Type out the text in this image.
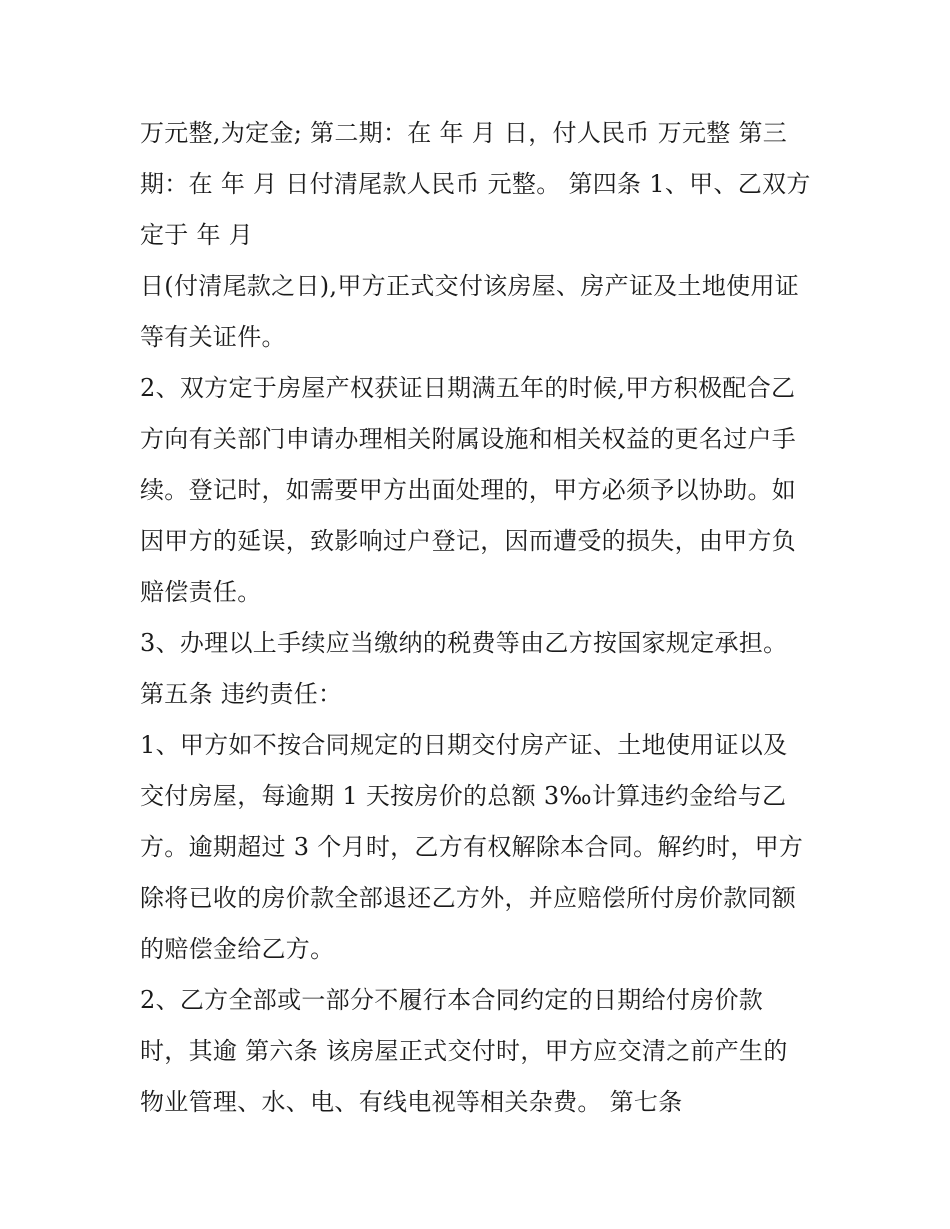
万元整,为定金; 第二期：在 年 月 日，付人民币 万元整 第三
期：在 年 月 日付清尾款人民币 元整。 第四条 1、甲、乙双方
定于 年 月
日(付清尾款之日),甲方正式交付该房屋、房产证及土地使用证
等有关证件。
2、双方定于房屋产权获证日期满五年的时候,甲方积极配合乙
方向有关部门申请办理相关附属设施和相关权益的更名过户手
续。登记时，如需要甲方出面处理的，甲方必须予以协助。如
因甲方的延误，致影响过户登记，因而遭受的损失，由甲方负
赔偿责任。
3、办理以上手续应当缴纳的税费等由乙方按国家规定承担。
第五条 违约责任：
1、甲方如不按合同规定的日期交付房产证、土地使用证以及
交付房屋，每逾期 1 天按房价的总额 3‰计算违约金给与乙
方。逾期超过 3 个月时，乙方有权解除本合同。解约时，甲方
除将已收的房价款全部退还乙方外，并应赔偿所付房价款同额
的赔偿金给乙方。
2、乙方全部或一部分不履行本合同约定的日期给付房价款
时，其逾 第六条 该房屋正式交付时，甲方应交清之前产生的
物业管理、水、电、有线电视等相关杂费。 第七条
